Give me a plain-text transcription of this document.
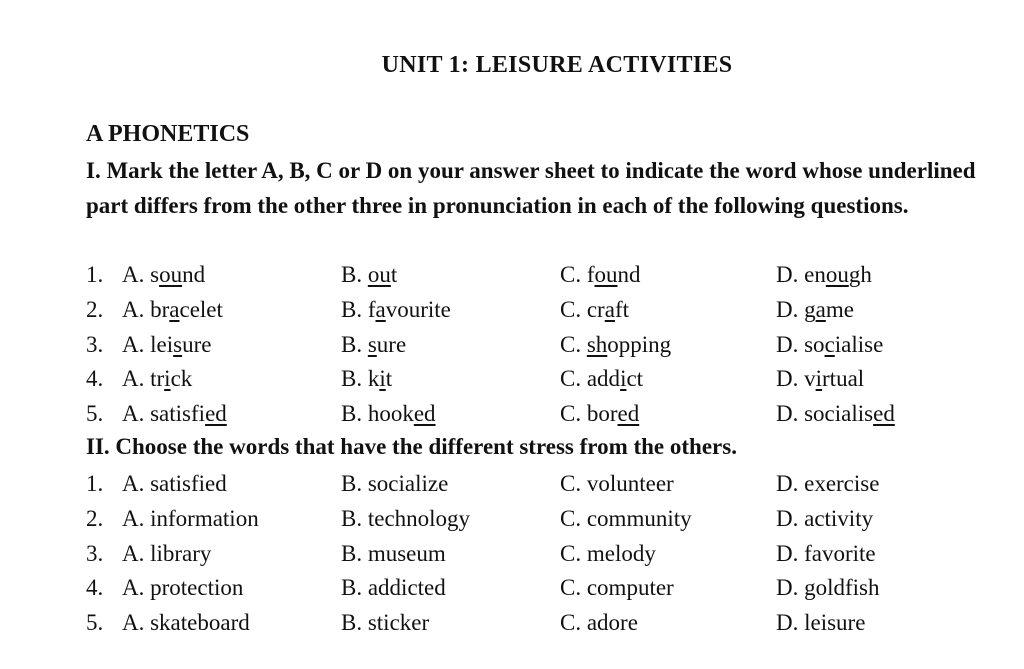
UNIT 1: LEISURE ACTIVITIES
A PHONETICS
I. Mark the letter A, B, C or D on your answer sheet to indicate the word whose underlined part differs from the other three in pronunciation in each of the following questions.
1. A. sound	B. out	C. found	D. enough
2. A. bracelet	B. favourite	C. craft	D. game
3. A. leisure	B. sure	C. shopping	D. socialise
4. A. trick	B. kit	C. addict	D. virtual
5. A. satisfied	B. hooked	C. bored	D. socialised
II. Choose the words that have the different stress from the others.
1. A. satisfied	B. socialize	C. volunteer	D. exercise
2. A. information	B. technology	C. community	D. activity
3. A. library	B. museum	C. melody	D. favorite
4. A. protection	B. addicted	C. computer	D. goldfish
5. A. skateboard	B. sticker	C. adore	D. leisure
